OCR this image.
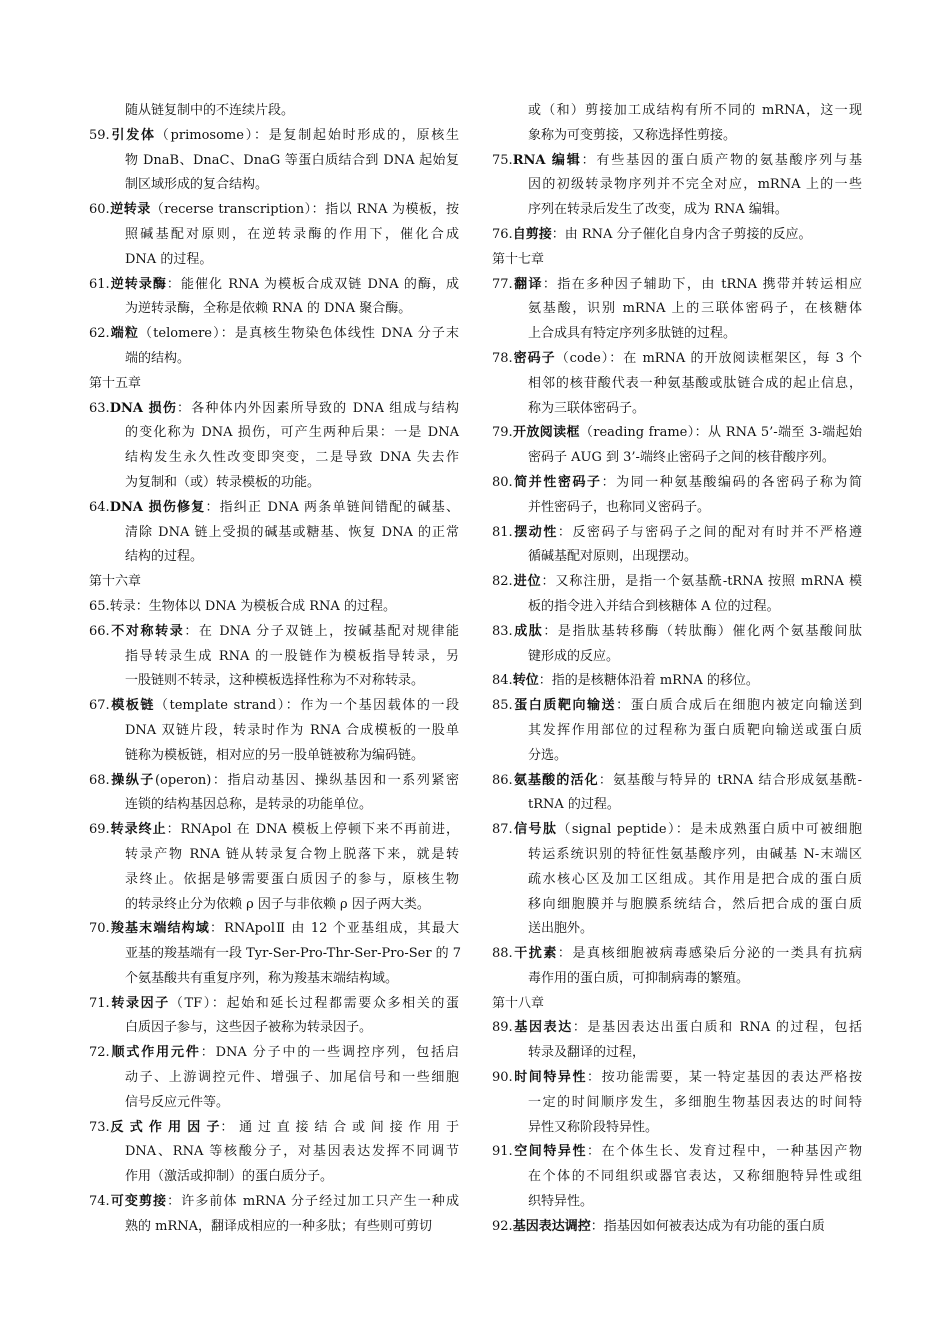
随从链复制中的不连续片段。
59.引发体（primosome）：是复制起始时形成的，原核生
物 DnaB、DnaC、DnaG 等蛋白质结合到 DNA 起始复
制区域形成的复合结构。
60.逆转录（recerse transcription）：指以 RNA 为模板，按
照碱基配对原则，在逆转录酶的作用下，催化合成
DNA 的过程。
61.逆转录酶：能催化 RNA 为模板合成双链 DNA 的酶，成
为逆转录酶，全称是依赖 RNA 的 DNA 聚合酶。
62.端粒（telomere）：是真核生物染色体线性 DNA 分子末
端的结构。
第十五章
63.DNA 损伤：各种体内外因素所导致的 DNA 组成与结构
的变化称为 DNA 损伤，可产生两种后果：一是 DNA
结构发生永久性改变即突变，二是导致 DNA 失去作
为复制和（或）转录模板的功能。
64.DNA 损伤修复：指纠正 DNA 两条单链间错配的碱基、
清除 DNA 链上受损的碱基或糖基、恢复 DNA 的正常
结构的过程。
第十六章
65.转录：生物体以 DNA 为模板合成 RNA 的过程。
66.不对称转录：在 DNA 分子双链上，按碱基配对规律能
指导转录生成 RNA 的一股链作为模板指导转录，另
一股链则不转录，这种模板选择性称为不对称转录。
67.模板链（template strand）：作为一个基因载体的一段
DNA 双链片段，转录时作为 RNA 合成模板的一股单
链称为模板链，相对应的另一股单链被称为编码链。
68.操纵子(operon)：指启动基因、操纵基因和一系列紧密
连锁的结构基因总称，是转录的功能单位。
69.转录终止：RNApol 在 DNA 模板上停顿下来不再前进，
转录产物 RNA 链从转录复合物上脱落下来，就是转
录终止。依据是够需要蛋白质因子的参与，原核生物
的转录终止分为依赖 ρ 因子与非依赖 ρ 因子两大类。
70.羧基末端结构域：RNApolⅡ 由 12 个亚基组成，其最大
亚基的羧基端有一段 Tyr-Ser-Pro-Thr-Ser-Pro-Ser 的 7
个氨基酸共有重复序列，称为羧基末端结构域。
71.转录因子（TF）：起始和延长过程都需要众多相关的蛋
白质因子参与，这些因子被称为转录因子。
72.顺式作用元件：DNA 分子中的一些调控序列，包括启
动子、上游调控元件、增强子、加尾信号和一些细胞
信号反应元件等。
73.反 式 作 用 因 子： 通 过 直 接 结 合 或 间 接 作 用 于
DNA、RNA 等核酸分子，对基因表达发挥不同调节
作用（激活或抑制）的蛋白质分子。
74.可变剪接：许多前体 mRNA 分子经过加工只产生一种成
熟的 mRNA，翻译成相应的一种多肽；有些则可剪切
或（和）剪接加工成结构有所不同的 mRNA，这一现
象称为可变剪接，又称选择性剪接。
75.RNA 编辑：有些基因的蛋白质产物的氨基酸序列与基
因的初级转录物序列并不完全对应，mRNA 上的一些
序列在转录后发生了改变，成为 RNA 编辑。
76.自剪接：由 RNA 分子催化自身内含子剪接的反应。
第十七章
77.翻译：指在多种因子辅助下，由 tRNA 携带并转运相应
氨基酸，识别 mRNA 上的三联体密码子，在核糖体
上合成具有特定序列多肽链的过程。
78.密码子（code）：在 mRNA 的开放阅读框架区，每 3 个
相邻的核苷酸代表一种氨基酸或肽链合成的起止信息，
称为三联体密码子。
79.开放阅读框（reading frame）：从 RNA 5’-端至 3-端起始
密码子 AUG 到 3’-端终止密码子之间的核苷酸序列。
80.简并性密码子：为同一种氨基酸编码的各密码子称为简
并性密码子，也称同义密码子。
81.摆动性：反密码子与密码子之间的配对有时并不严格遵
循碱基配对原则，出现摆动。
82.进位：又称注册，是指一个氨基酰-tRNA 按照 mRNA 模
板的指令进入并结合到核糖体 A 位的过程。
83.成肽：是指肽基转移酶（转肽酶）催化两个氨基酸间肽
键形成的反应。
84.转位：指的是核糖体沿着 mRNA 的移位。
85.蛋白质靶向输送：蛋白质合成后在细胞内被定向输送到
其发挥作用部位的过程称为蛋白质靶向输送或蛋白质
分选。
86.氨基酸的活化：氨基酸与特异的 tRNA 结合形成氨基酰-
tRNA 的过程。
87.信号肽（signal peptide）：是未成熟蛋白质中可被细胞
转运系统识别的特征性氨基酸序列，由碱基 N-末端区
疏水核心区及加工区组成。其作用是把合成的蛋白质
移向细胞膜并与胞膜系统结合，然后把合成的蛋白质
送出胞外。
88.干扰素：是真核细胞被病毒感染后分泌的一类具有抗病
毒作用的蛋白质，可抑制病毒的繁殖。
第十八章
89.基因表达：是基因表达出蛋白质和 RNA 的过程，包括
转录及翻译的过程，
90.时间特异性：按功能需要，某一特定基因的表达严格按
一定的时间顺序发生，多细胞生物基因表达的时间特
异性又称阶段特异性。
91.空间特异性：在个体生长、发育过程中，一种基因产物
在个体的不同组织或器官表达，又称细胞特异性或组
织特异性。
92.基因表达调控：指基因如何被表达成为有功能的蛋白质
